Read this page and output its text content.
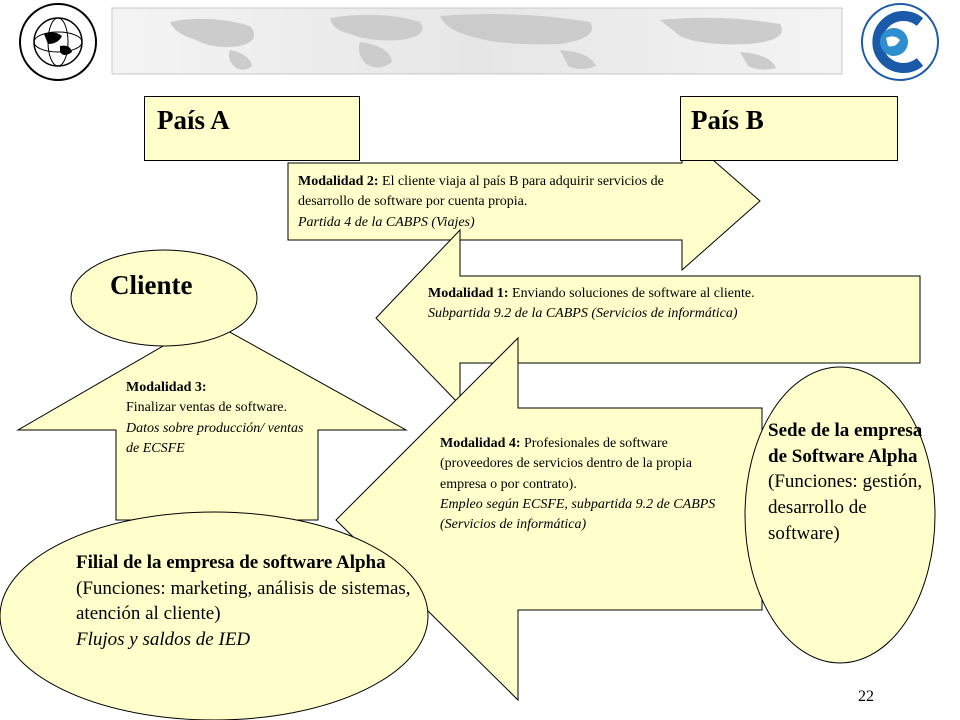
País A	País B
Cliente
Modalidad 2: El cliente viaja al país B para adquirir servicios de desarrollo de software por cuenta propia.
Partida 4 de la CABPS (Viajes)
Modalidad 1: Enviando soluciones de software al cliente.
Subpartida 9.2 de la CABPS (Servicios de informática)
Modalidad 3:
Finalizar ventas de software.
Datos sobre producción/ ventas de ECSFE	Modalidad 4: Profesionales de software (proveedores de servicios dentro de la propia empresa o por contrato).
Empleo según ECSFE, subpartida 9.2 de CABPS (Servicios de informática)
Sede de la empresa de Software Alpha
(Funciones: gestión, desarrollo de software)
Filial de la empresa de software Alpha
(Funciones: marketing, análisis de sistemas, atención al cliente)
Flujos y saldos de IED
22
